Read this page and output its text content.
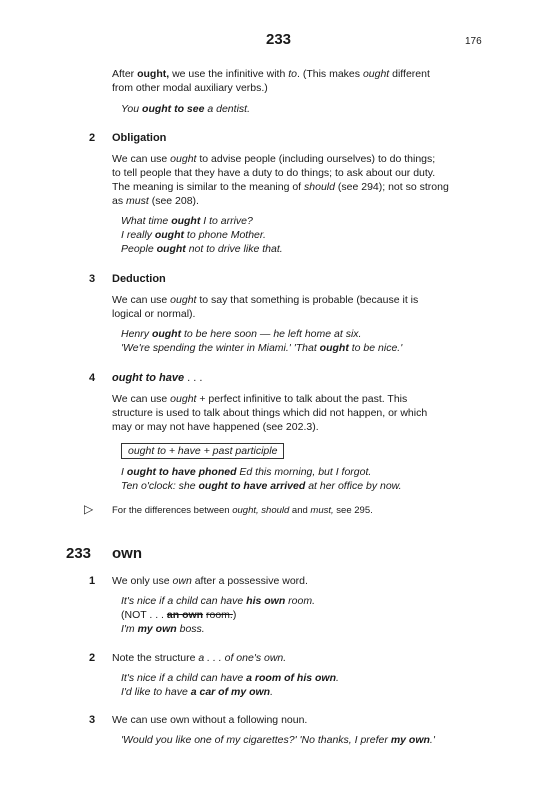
233	176
After ought, we use the infinitive with to. (This makes ought different
from other modal auxiliary verbs.)
You ought to see a dentist.
2 Obligation
We can use ought to advise people (including ourselves) to do things;
to tell people that they have a duty to do things; to ask about our duty.
The meaning is similar to the meaning of should (see 294); not so strong
as must (see 208).
What time ought I to arrive?
I really ought to phone Mother.
People ought not to drive like that.
3 Deduction
We can use ought to say that something is probable (because it is
logical or normal).
Henry ought to be here soon — he left home at six.
'We're spending the winter in Miami.' 'That ought to be nice.'
4 ought to have . . .
We can use ought + perfect infinitive to talk about the past. This
structure is used to talk about things which did not happen, or which
may or may not have happened (see 202.3).
ought to + have + past participle
I ought to have phoned Ed this morning, but I forgot.
Ten o'clock: she ought to have arrived at her office by now.
▷ For the differences between ought, should and must, see 295.
233 own
1 We only use own after a possessive word.
It's nice if a child can have his own room.
(NOT . . . an own room.)
I'm my own boss.
2 Note the structure a . . . of one's own.
It's nice if a child can have a room of his own.
I'd like to have a car of my own.
3 We can use own without a following noun.
'Would you like one of my cigarettes?' 'No thanks, I prefer my own.'
